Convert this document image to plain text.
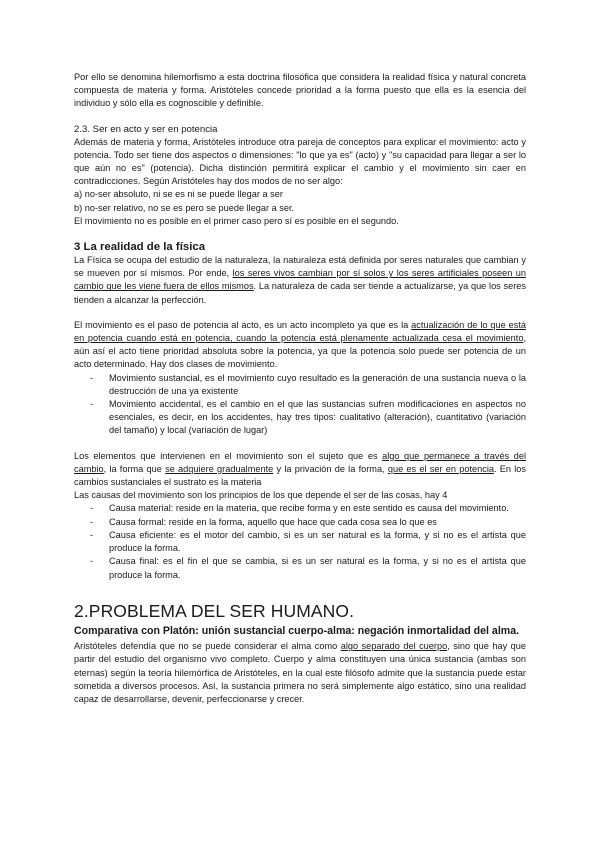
Por ello se denomina hilemorfismo a esta doctrina filosófica que considera la realidad física y natural concreta compuesta de materia y forma. Aristóteles concede prioridad a la forma puesto que ella es la esencia del individuo y sólo ella es cognoscible y definible.

2.3. Ser en acto y ser en potencia

Además de materia y forma, Aristóteles introduce otra pareja de conceptos para explicar el movimiento: acto y potencia. Todo ser tiene dos aspectos o dimensiones: "lo que ya es" (acto) y "su capacidad para llegar a ser lo que aún no es" (potencia). Dicha distinción permitirá explicar el cambio y el movimiento sin caer en contradicciones. Según Aristóteles hay dos modos de no ser algo:

a) no-ser absoluto, ni se es ni se puede llegar a ser

b) no-ser relativo, no se es pero se puede llegar a ser.

El movimiento no es posible en el primer caso pero sí es posible en el segundo.

3 La realidad de la física

La Física se ocupa del estudio de la naturaleza, la naturaleza está definida por seres naturales que cambian y se mueven por sí mismos. Por ende, los seres vivos cambian por sí solos y los seres artificiales poseen un cambio que les viene fuera de ellos mismos. La naturaleza de cada ser tiende a actualizarse, ya que los seres tienden a alcanzar la perfección.

El movimiento es el paso de potencia al acto, es un acto incompleto ya que es la actualización de lo que está en potencia cuando está en potencia, cuando la potencia está plenamente actualizada cesa el movimiento, aún así el acto tiene prioridad absoluta sobre la potencia, ya que la potencia solo puede ser potencia de un acto determinado. Hay dos clases de movimiento.

- Movimiento sustancial, es el movimiento cuyo resultado es la generación de una sustancia nueva o la destrucción de una ya existente
- Movimiento accidental, es el cambio en el que las sustancias sufren modificaciones en aspectos no esenciales, es decir, en los accidentes, hay tres tipos: cualitativo (alteración), cuantitativo (variación del tamaño) y local (variación de lugar)

Los elementos que intervienen en el movimiento son el sujeto que es algo que permanece a través del cambio, la forma que se adquiere gradualmente y la privación de la forma, que es el ser en potencia. En los cambios sustanciales el sustrato es la materia

Las causas del movimiento son los principios de los que depende el ser de las cosas, hay 4

- Causa material: reside en la materia, que recibe forma y en este sentido es causa del movimiento.
- Causa formal: reside en la forma, aquello que hace que cada cosa sea lo que es
- Causa eficiente: es el motor del cambio, si es un ser natural es la forma, y si no es el artista que produce la forma.
- Causa final: es el fin el que se cambia, si es un ser natural es la forma, y si no es el artista que produce la forma.
2.PROBLEMA DEL SER HUMANO.
Comparativa con Platón: unión sustancial cuerpo-alma: negación inmortalidad del alma.

Aristóteles defendía que no se puede considerar el alma como algo separado del cuerpo, sino que hay que partir del estudio del organismo vivo completo. Cuerpo y alma constituyen una única sustancia (ambas son eternas) según la teoría hilemórfica de Aristóteles, en la cual este filósofo admite que la sustancia puede estar sometida a diversos procesos. Así, la sustancia primera no será simplemente algo estático, sino una realidad capaz de desarrollarse, devenir, perfeccionarse y crecer.
